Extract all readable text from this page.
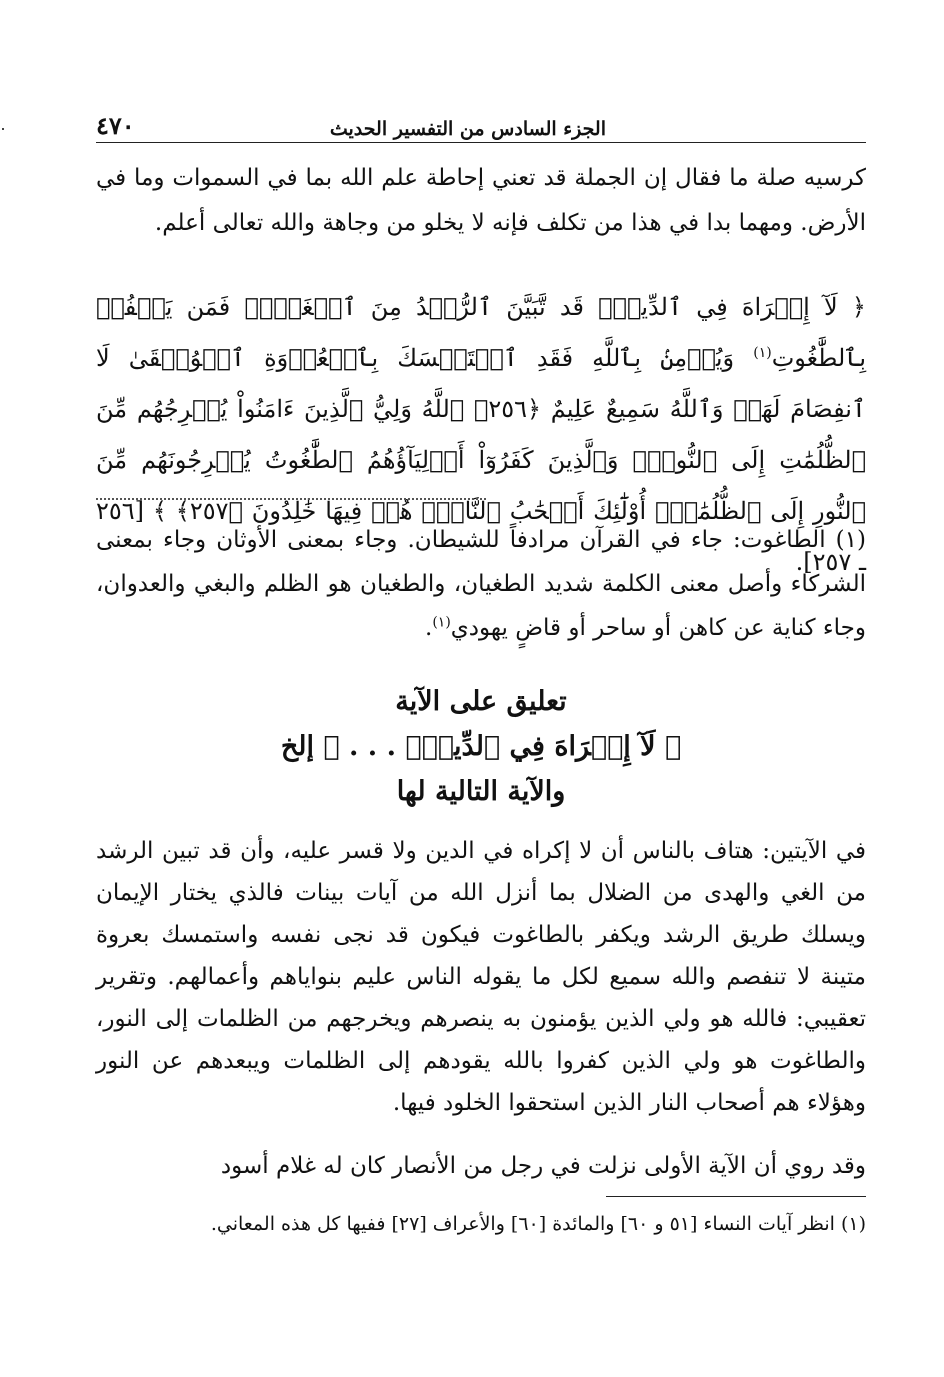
الجزء السادس من التفسير الحديث
٤٧٠
كرسيه صلة ما فقال إن الجملة قد تعني إحاطة علم الله بما في السموات وما في الأرض. ومهما بدا في هذا من تكلف فإنه لا يخلو من وجاهة والله تعالى أعلم.
﴿ لَآ إِكۡرَاهَ فِي ٱلدِّينِۖ قَد تَّبَيَّنَ ٱلرُّشۡدُ مِنَ ٱلۡغَيِّۚ فَمَن يَكۡفُرۡ بِٱلطَّٰغُوتِ$^{(١)}$ وَيُؤۡمِنۢ بِٱللَّهِ فَقَدِ ٱسۡتَمۡسَكَ بِٱلۡعُرۡوَةِ ٱلۡوُثۡقَىٰ لَا ٱنفِصَامَ لَهَاۗ وَٱللَّهُ سَمِيعٌ عَلِيمٌ ﴿٢٥٦﴾ ٱللَّهُ وَلِيُّ ٱلَّذِينَ ءَامَنُواْ يُخۡرِجُهُم مِّنَ ٱلظُّلُمَٰتِ إِلَى ٱلنُّورِۖ وَٱلَّذِينَ كَفَرُوٓاْ أَوۡلِيَآؤُهُمُ ٱلطَّٰغُوتُ يُخۡرِجُونَهُم مِّنَ ٱلنُّورِ إِلَى ٱلظُّلُمَٰتِۗ أُوْلَٰٓئِكَ أَصۡحَٰبُ ٱلنَّارِۖ هُمۡ فِيهَا خَٰلِدُونَ ﴿٢٥٧﴾ ﴾ [٢٥٦ ـ ٢٥٧].
(١) الطاغوت: جاء في القرآن مرادفاً للشيطان. وجاء بمعنى الأوثان وجاء بمعنى الشركاء وأصل معنى الكلمة شديد الطغيان، والطغيان هو الظلم والبغي والعدوان، وجاء كناية عن كاهن أو ساحر أو قاضٍ يهودي$^{(١)}$.
تعليق على الآية
﴿ لَآ إِكۡرَاهَ فِي ٱلدِّينِۖ . . . ﴾ إلخ
والآية التالية لها
في الآيتين: هتاف بالناس أن لا إكراه في الدين ولا قسر عليه، وأن قد تبين الرشد من الغي والهدى من الضلال بما أنزل الله من آيات بينات فالذي يختار الإيمان ويسلك طريق الرشد ويكفر بالطاغوت فيكون قد نجى نفسه واستمسك بعروة متينة لا تنفصم والله سميع لكل ما يقوله الناس عليم بنواياهم وأعمالهم. وتقرير تعقيبي: فالله هو ولي الذين يؤمنون به ينصرهم ويخرجهم من الظلمات إلى النور، والطاغوت هو ولي الذين كفروا بالله يقودهم إلى الظلمات ويبعدهم عن النور وهؤلاء هم أصحاب النار الذين استحقوا الخلود فيها.
وقد روي أن الآية الأولى نزلت في رجل من الأنصار كان له غلام أسود
(١) انظر آيات النساء [٥١ و ٦٠] والمائدة [٦٠] والأعراف [٢٧] ففيها كل هذه المعاني.
